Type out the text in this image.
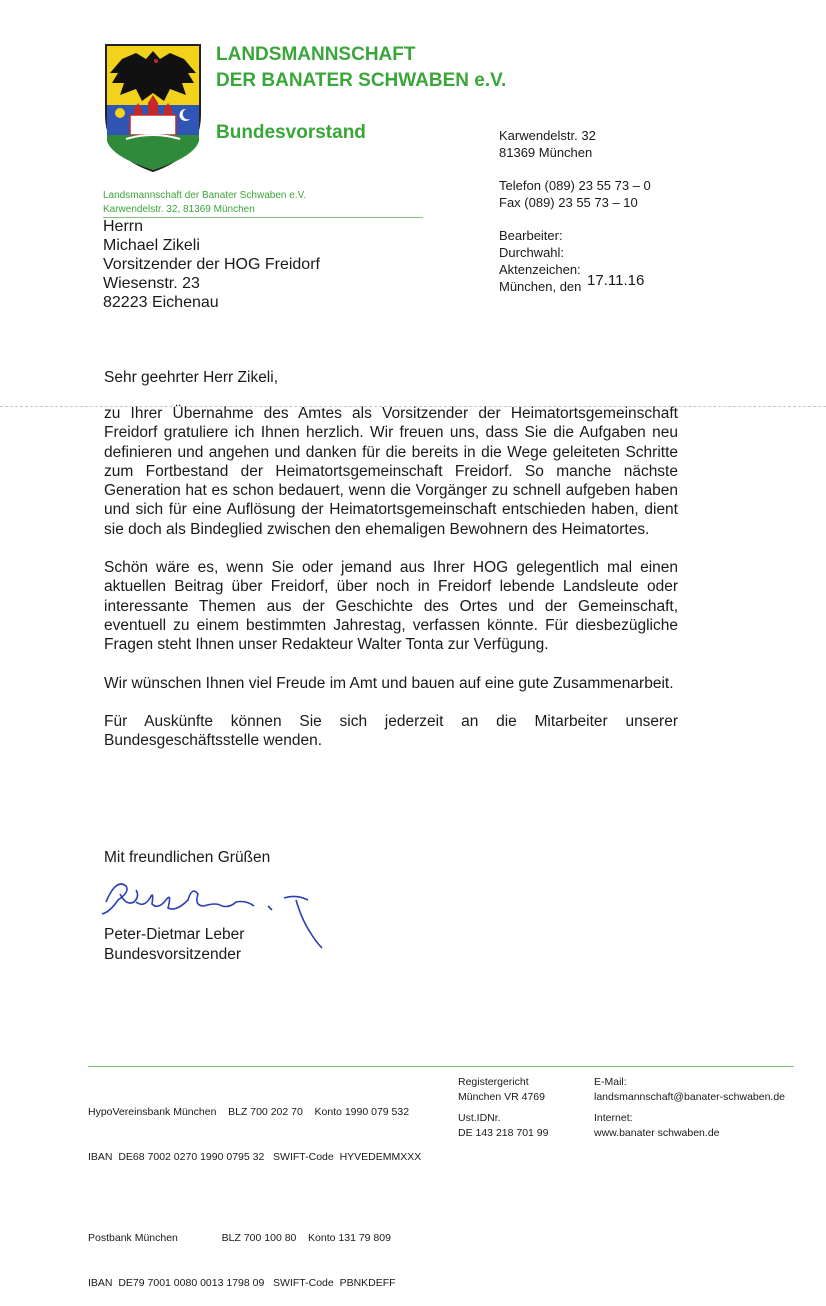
LANDSMANNSCHAFT
DER BANATER SCHWABEN e.V.
Bundesvorstand
Landsmannschaft der Banater Schwaben e.V.
Karwendelstr. 32, 81369 München
Karwendelstr. 32
81369 München
Telefon (089) 23 55 73 – 0
Fax (089) 23 55 73 – 10
Bearbeiter:
Durchwahl:
Aktenzeichen:
München, den 17.11.16
Herrn
Michael Zikeli
Vorsitzender der HOG Freidorf
Wiesenstr. 23
82223 Eichenau
Sehr geehrter Herr Zikeli,

zu Ihrer Übernahme des Amtes als Vorsitzender der Heimatortsgemeinschaft Freidorf gratuliere ich Ihnen herzlich. Wir freuen uns, dass Sie die Aufgaben neu definieren und angehen und danken für die bereits in die Wege geleiteten Schritte zum Fortbestand der Heimatortsgemeinschaft Freidorf. So manche nächste Generation hat es schon bedauert, wenn die Vorgänger zu schnell aufgeben haben und sich für eine Auflösung der Heimatortsgemeinschaft entschieden haben, dient sie doch als Bindeglied zwischen den ehemaligen Bewohnern des Heimatortes.

Schön wäre es, wenn Sie oder jemand aus Ihrer HOG gelegentlich mal einen aktuellen Beitrag über Freidorf, über noch in Freidorf lebende Landsleute oder interessante Themen aus der Geschichte des Ortes und der Gemeinschaft, eventuell zu einem bestimmten Jahrestag, verfassen könnte. Für diesbezügliche Fragen steht Ihnen unser Redakteur Walter Tonta zur Verfügung.

Wir wünschen Ihnen viel Freude im Amt und bauen auf eine gute Zusammenarbeit.

Für Auskünfte können Sie sich jederzeit an die Mitarbeiter unserer Bundesgeschäftsstelle wenden.

Mit freundlichen Grüßen
Peter-Dietmar Leber
Bundesvorsitzender

HypoVereinsbank München    BLZ 700 202 70    Konto 1990 079 532

IBAN  DE68 7002 0270 1990 0795 32   SWIFT-Code  HYVEDEMMXXX

Postbank München               BLZ 700 100 80    Konto 131 79 809

IBAN  DE79 7001 0080 0013 1798 09   SWIFT-Code  PBNKDEFF

Registergericht
München VR 4769
Ust.IDNr.
DE 143 218 701 99
E-Mail:
landsmannschaft@banater-schwaben.de
Internet:
www.banater schwaben.de
